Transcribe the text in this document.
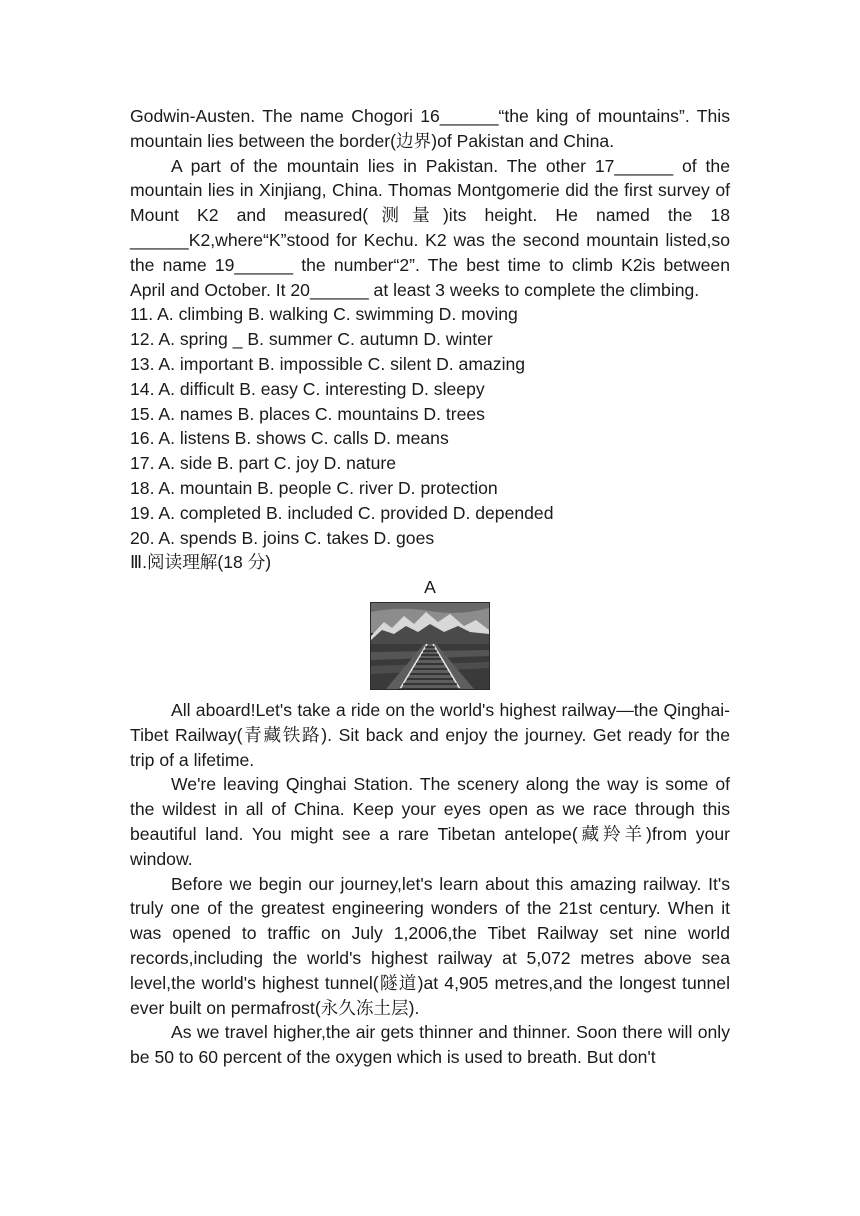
Godwin-Austen. The name Chogori 16______“the king of mountains”. This mountain lies between the border(边界)of Pakistan and China.

A part of the mountain lies in Pakistan. The other 17______ of the mountain lies in Xinjiang, China. Thomas Montgomerie did the first survey of Mount K2 and measured(测量)its height. He named the 18 ______K2,where“K”stood for Kechu. K2 was the second mountain listed,so the name 19______ the number“2”. The best time to climb K2is between April and October. It 20______ at least 3 weeks to complete the climbing.

11. A. climbing B. walking C. swimming D. moving

12. A. spring _ B. summer C. autumn D. winter

13. A. important B. impossible C. silent D. amazing

14. A. difficult B. easy C. interesting D. sleepy

15. A. names B. places C. mountains D. trees

16. A. listens B. shows C. calls D. means

17. A. side B. part C. joy D. nature

18. A. mountain B. people C. river D. protection

19. A. completed B. included C. provided D. depended

20. A. spends B. joins C. takes D. goes

Ⅲ.阅读理解(18 分)

A

All aboard!Let's take a ride on the world's highest railway—the Qinghai-Tibet Railway(青藏铁路). Sit back and enjoy the journey. Get ready for the trip of a lifetime.

We're leaving Qinghai Station. The scenery along the way is some of the wildest in all of China. Keep your eyes open as we race through this beautiful land. You might see a rare Tibetan antelope(藏羚羊)from your window.

Before we begin our journey,let's learn about this amazing railway. It's truly one of the greatest engineering wonders of the 21st century. When it was opened to traffic on July 1,2006,the Tibet Railway set nine world records,including the world's highest railway at 5,072 metres above sea level,the world's highest tunnel(隧道)at 4,905 metres,and the longest tunnel ever built on permafrost(永久冻土层).

As we travel higher,the air gets thinner and thinner. Soon there will only be 50 to 60 percent of the oxygen which is used to breath. But don't
